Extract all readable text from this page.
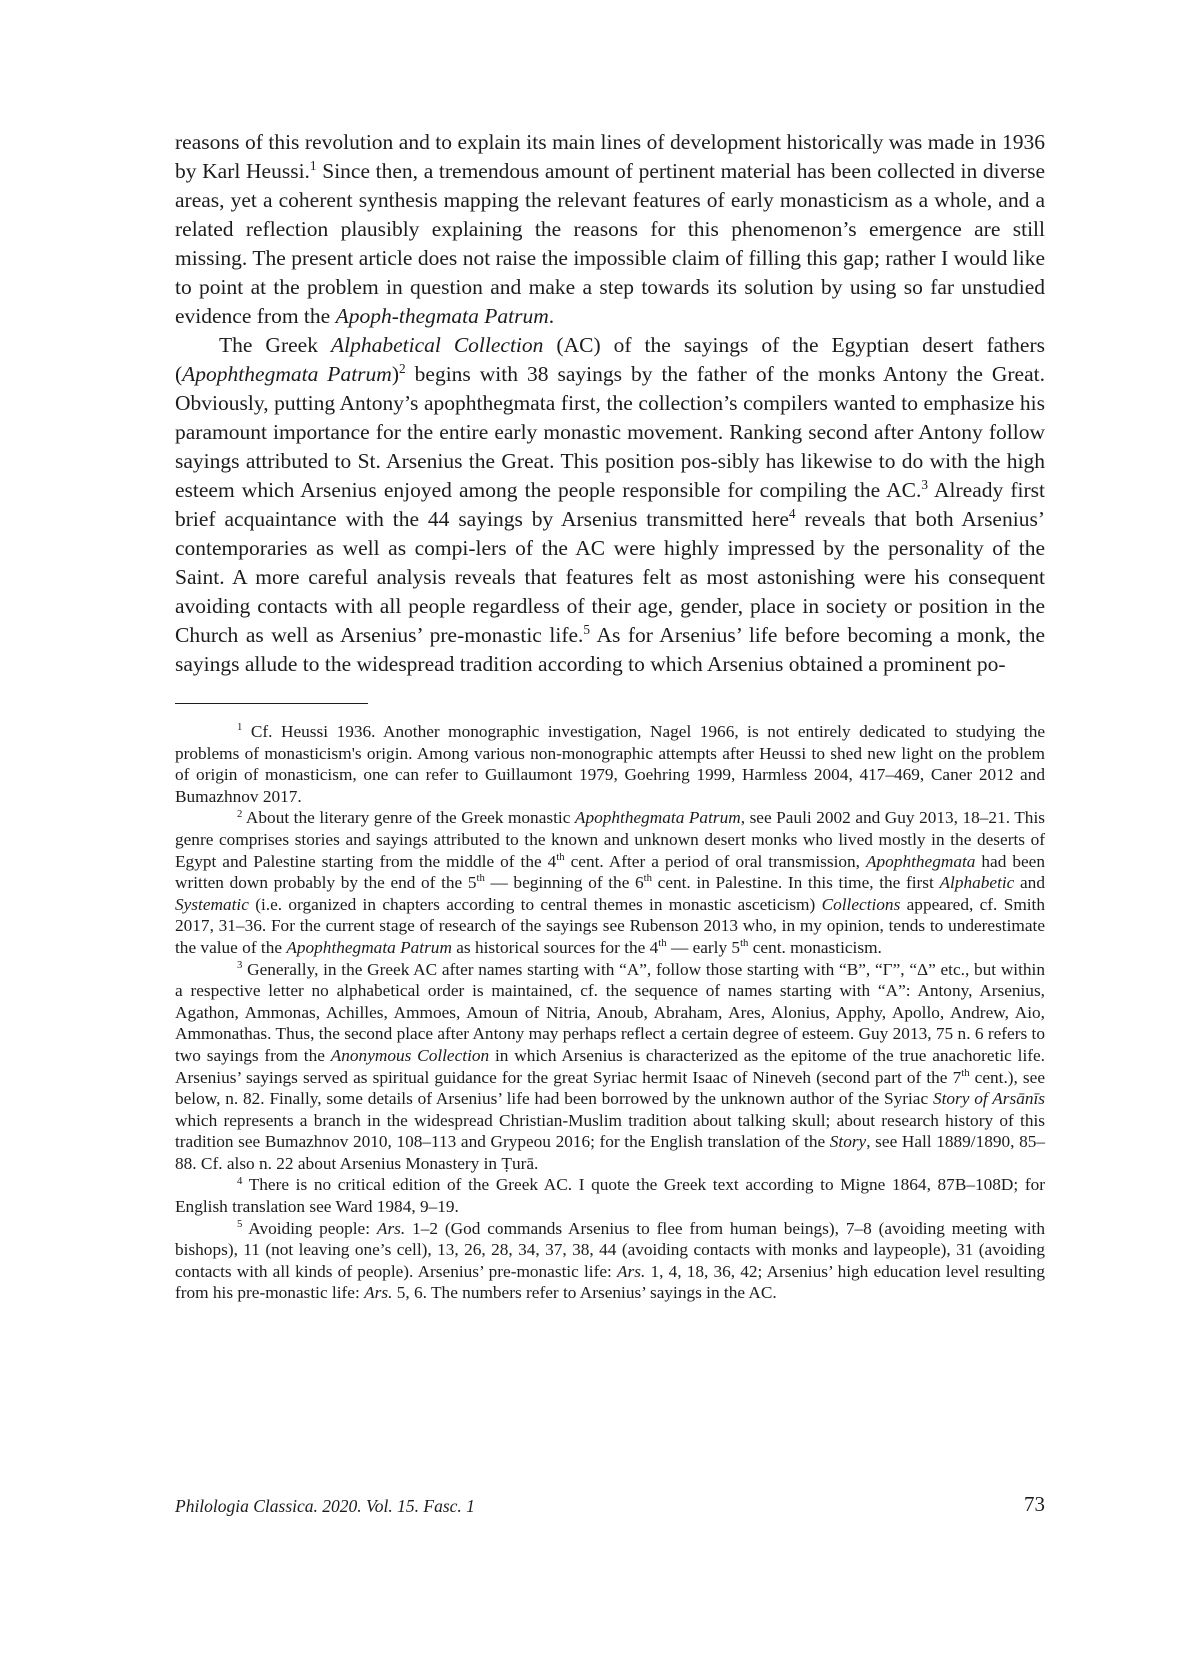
reasons of this revolution and to explain its main lines of development historically was made in 1936 by Karl Heussi.$^1$ Since then, a tremendous amount of pertinent material has been collected in diverse areas, yet a coherent synthesis mapping the relevant features of early monasticism as a whole, and a related reflection plausibly explaining the reasons for this phenomenon’s emergence are still missing. The present article does not raise the impossible claim of filling this gap; rather I would like to point at the problem in question and make a step towards its solution by using so far unstudied evidence from the Apoph-thegmata Patrum.

The Greek Alphabetical Collection (AC) of the sayings of the Egyptian desert fathers (Apophthegmata Patrum)$^2$ begins with 38 sayings by the father of the monks Antony the Great. Obviously, putting Antony’s apophthegmata first, the collection’s compilers wanted to emphasize his paramount importance for the entire early monastic movement. Ranking second after Antony follow sayings attributed to St. Arsenius the Great. This position pos-sibly has likewise to do with the high esteem which Arsenius enjoyed among the people responsible for compiling the AC.$^3$ Already first brief acquaintance with the 44 sayings by Arsenius transmitted here$^4$ reveals that both Arsenius’ contemporaries as well as compi-lers of the AC were highly impressed by the personality of the Saint. A more careful analysis reveals that features felt as most astonishing were his consequent avoiding contacts with all people regardless of their age, gender, place in society or position in the Church as well as Arsenius’ pre-monastic life.$^5$ As for Arsenius’ life before becoming a monk, the sayings allude to the widespread tradition according to which Arsenius obtained a prominent po-

$^1$ Cf. Heussi 1936. Another monographic investigation, Nagel 1966, is not entirely dedicated to studying the problems of monasticism's origin. Among various non-monographic attempts after Heussi to shed new light on the problem of origin of monasticism, one can refer to Guillaumont 1979, Goehring 1999, Harmless 2004, 417–469, Caner 2012 and Bumazhnov 2017.

$^2$ About the literary genre of the Greek monastic Apophthegmata Patrum, see Pauli 2002 and Guy 2013, 18–21. This genre comprises stories and sayings attributed to the known and unknown desert monks who lived mostly in the deserts of Egypt and Palestine starting from the middle of the 4th cent. After a period of oral transmission, Apophthegmata had been written down probably by the end of the 5th — beginning of the 6th cent. in Palestine. In this time, the first Alphabetic and Systematic (i.e. organized in chapters according to central themes in monastic asceticism) Collections appeared, cf. Smith 2017, 31–36. For the current stage of research of the sayings see Rubenson 2013 who, in my opinion, tends to underestimate the value of the Apophthegmata Patrum as historical sources for the 4th — early 5th cent. monasticism.

$^3$ Generally, in the Greek AC after names starting with “A”, follow those starting with “B”, “Γ”, “Δ” etc., but within a respective letter no alphabetical order is maintained, cf. the sequence of names starting with “A”: Antony, Arsenius, Agathon, Ammonas, Achilles, Ammoes, Amoun of Nitria, Anoub, Abraham, Ares, Alonius, Apphy, Apollo, Andrew, Aio, Ammonathas. Thus, the second place after Antony may perhaps reflect a certain degree of esteem. Guy 2013, 75 n. 6 refers to two sayings from the Anonymous Collection in which Arsenius is characterized as the epitome of the true anachoretic life. Arsenius’ sayings served as spiritual guidance for the great Syriac hermit Isaac of Nineveh (second part of the 7th cent.), see below, n. 82. Finally, some details of Arsenius’ life had been borrowed by the unknown author of the Syriac Story of Arsānīs which represents a branch in the widespread Christian-Muslim tradition about talking skull; about research history of this tradition see Bumazhnov 2010, 108–113 and Grypeou 2016; for the English translation of the Story, see Hall 1889/1890, 85–88. Cf. also n. 22 about Arsenius Monastery in Ṭurā.

$^4$ There is no critical edition of the Greek AC. I quote the Greek text according to Migne 1864, 87B–108D; for English translation see Ward 1984, 9–19.

$^5$ Avoiding people: Ars. 1–2 (God commands Arsenius to flee from human beings), 7–8 (avoiding meeting with bishops), 11 (not leaving one’s cell), 13, 26, 28, 34, 37, 38, 44 (avoiding contacts with monks and laypeople), 31 (avoiding contacts with all kinds of people). Arsenius’ pre-monastic life: Ars. 1, 4, 18, 36, 42; Arsenius’ high education level resulting from his pre-monastic life: Ars. 5, 6. The numbers refer to Arsenius’ sayings in the AC.

Philologia Classica. 2020. Vol. 15. Fasc. 1	73
